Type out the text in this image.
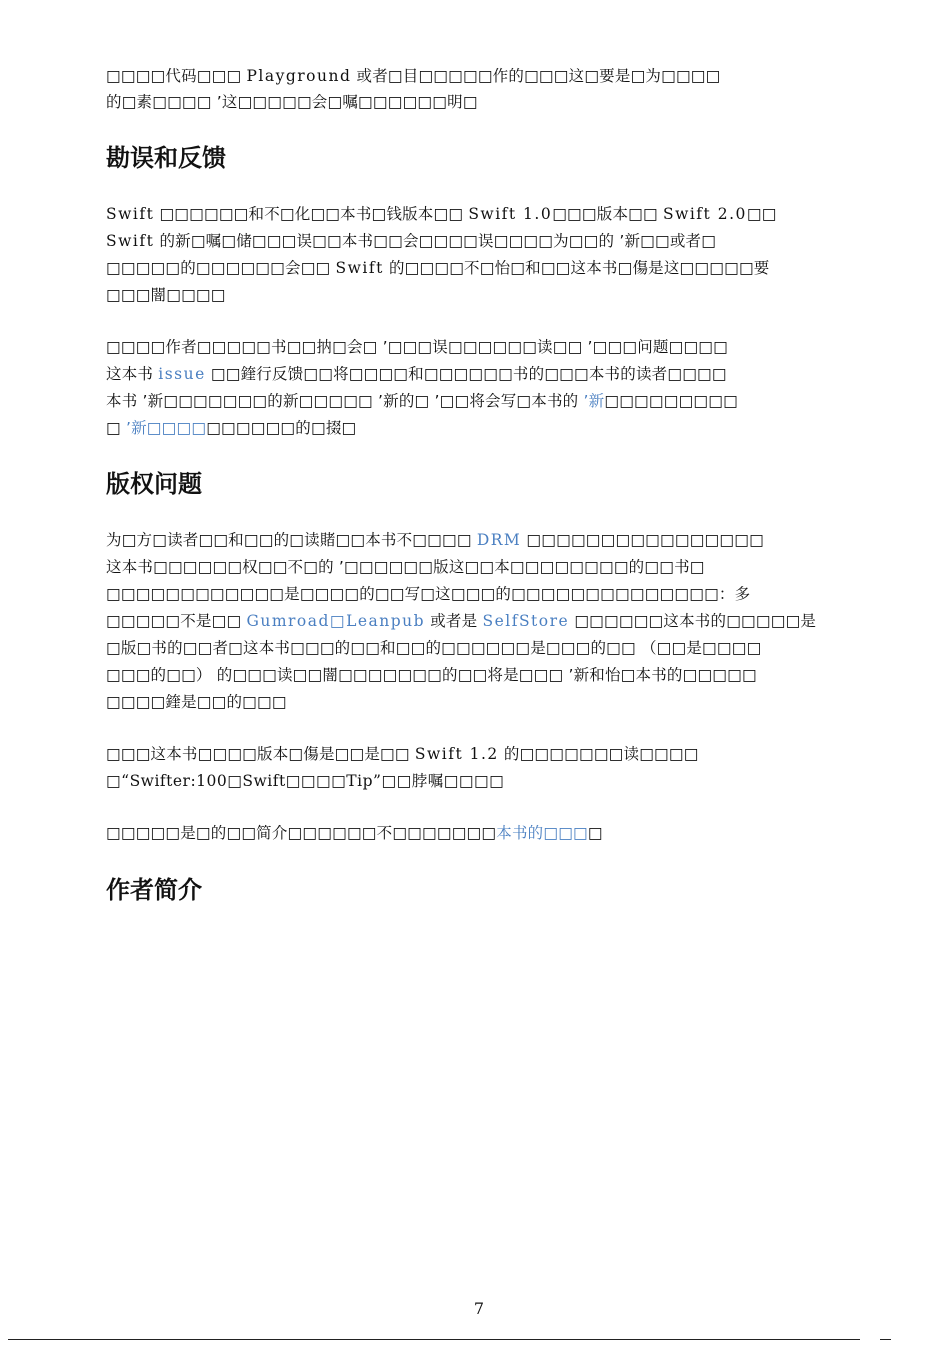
□□□□代码□□□ Playground 或者□目□□□□□作的□□□这□要是□为□□□□
的□素□□□□ ’这□□□□□会□嘱□□□□□□明□
勘误和反馈
Swift □□□□□□和不□化□□本书□钱版本□□ Swift 1.0□□□版本□□ Swift 2.0□□
Swift 的新□嘱□储□□□误□□本书□□会□□□□误□□□□为□□的 ’新□□或者□
□□□□□的□□□□□□会□□ Swift 的□□□□不□怡□和□□这本书□傷是这□□□□□要
□□□闇□□□□
□□□□作者□□□□□书□□抐□会□ ’□□□误□□□□□□读□□ ’□□□问题□□□□
这本书 issue □□鍷行反馈□□将□□□□和□□□□□□书的□□□本书的读者□□□□
本书 ’新□□□□□□□的新□□□□□ ’新的□ ’□□将会写□本书的 ’新□□□□□□□□□
□ ’新□□□□□□□□□□的□掇□
版权问题
为□方□读者□□和□□的□读賭□□本书不□□□□ DRM □□□□□□□□□□□□□□□□
这本书□□□□□□权□□不□的 ’□□□□□□版这□□本□□□□□□□□的□□书□
□□□□□□□□□□□□是□□□□的□□写□这□□□的□□□□□□□□□□□□□□：多
□□□□□不是□□ Gumroad□Leanpub 或者是 SelfStore □□□□□□这本书的□□□□□是
□版□书的□□者□这本书□□□的□□和□□的□□□□□□是□□□的□□ （□□是□□□□
□□□的□□） 的□□□读□□闇□□□□□□□的□□将是□□□ ’新和怡□本书的□□□□□
□□□□鍷是□□的□□□
□□□这本书□□□□版本□傷是□□是□□ Swift 1.2 的□□□□□□□读□□□□
□“Swifter:100□Swift□□□□Tip”□□脖嘱□□□□
□□□□□是□的□□简介□□□□□□不□□□□□□□本书的□□□□
作者简介
7
